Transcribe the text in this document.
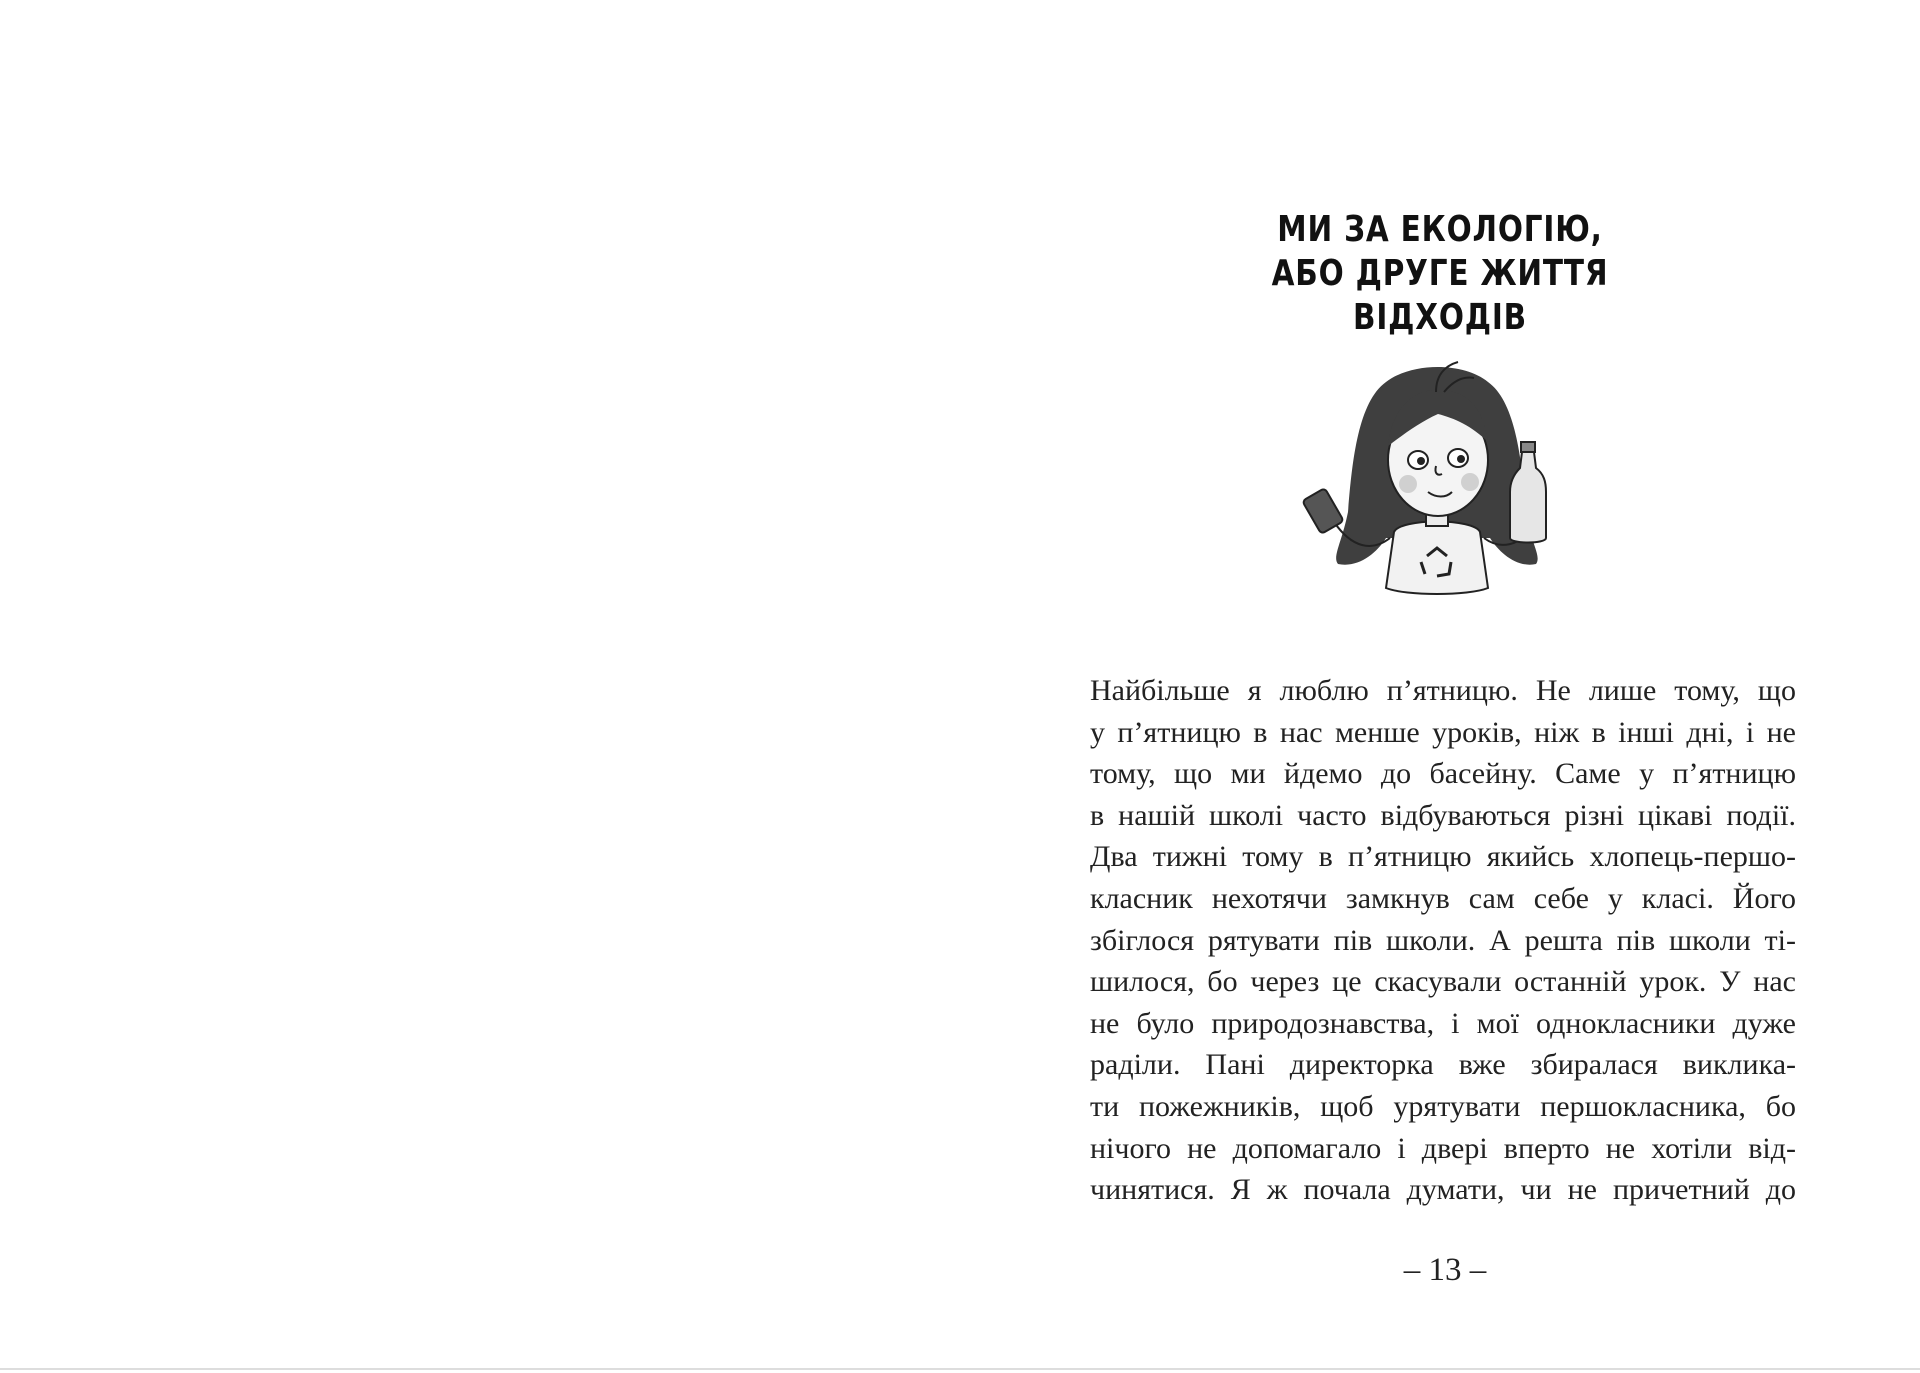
МИ ЗА ЕКОЛОГІЮ,
АБО ДРУГЕ ЖИТТЯ ВІДХОДІВ
Найбільше я люблю п’ятницю. Не лише тому, що
у п’ятницю в нас менше уроків, ніж в інші дні, і не
тому, що ми йдемо до басейну. Саме у п’ятницю
в нашій школі часто відбуваються різні цікаві події.
Два тижні тому в п’ятницю якийсь хлопець-першо-
класник нехотячи замкнув сам себе у класі. Його
збіглося рятувати пів школи. А решта пів школи ті-
шилося, бо через це скасували останній урок. У нас
не було природознавства, і мої однокласники дуже
раділи. Пані директорка вже збиралася виклика-
ти пожежників, щоб урятувати першокласника, бо
нічого не допомагало і двері вперто не хотіли від-
чинятися. Я ж почала думати, чи не причетний до
– 13 –
